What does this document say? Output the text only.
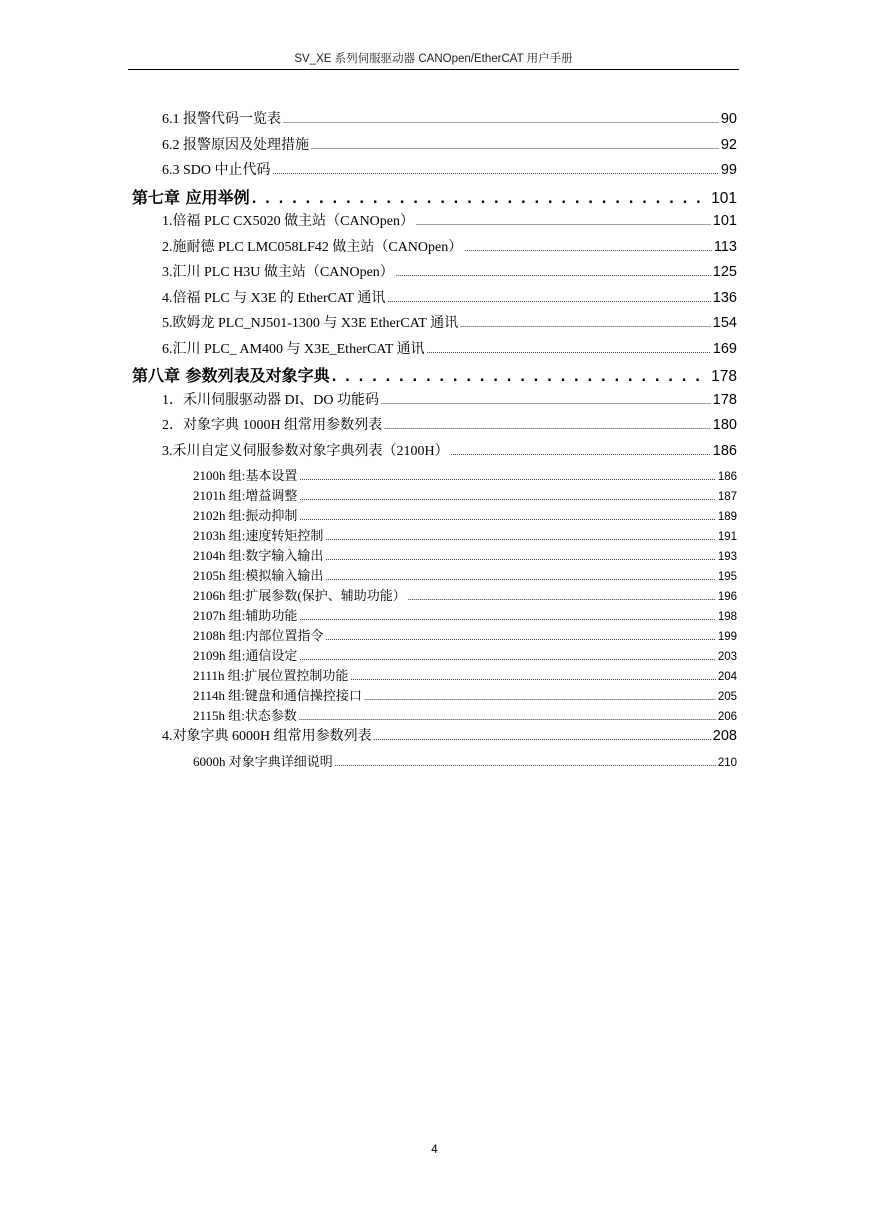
SV_XE 系列伺服驱动器 CANOpen/EtherCAT 用户手册
6.1 报警代码一览表 .....	90
6.2 报警原因及处理措施 .....	92
6.3 SDO 中止代码 .....	99
第七章 应用举例 . . .	101
1.倍福 PLC CX5020 做主站（CANOpen） .....	101
2.施耐德 PLC LMC058LF42 做主站（CANOpen） .....	113
3.汇川 PLC H3U 做主站（CANOpen） .....	125
4.倍福 PLC 与 X3E 的 EtherCAT 通讯 .....	136
5.欧姆龙 PLC_NJ501-1300 与 X3E EtherCAT 通讯 .....	154
6.汇川 PLC_ AM400 与 X3E_EtherCAT 通讯 .....	169
第八章 参数列表及对象字典 . . .	178
1．禾川伺服驱动器 DI、DO 功能码 .....	178
2．对象字典 1000H 组常用参数列表 .....	180
3.禾川自定义伺服参数对象字典列表（2100H） .....	186
2100h 组:基本设置 .....	186
2101h 组:增益调整 .....	187
2102h 组:振动抑制 .....	189
2103h 组:速度转矩控制 .....	191
2104h 组:数字输入输出 .....	193
2105h 组:模拟输入输出 .....	195
2106h 组:扩展参数(保护、辅助功能） .....	196
2107h 组:辅助功能 .....	198
2108h 组:内部位置指令 .....	199
2109h 组:通信设定 .....	203
2111h 组:扩展位置控制功能 .....	204
2114h 组:键盘和通信操控接口 .....	205
2115h 组:状态参数 .....	206
4.对象字典 6000H 组常用参数列表 .....	208
6000h 对象字典详细说明 .....	210
4
